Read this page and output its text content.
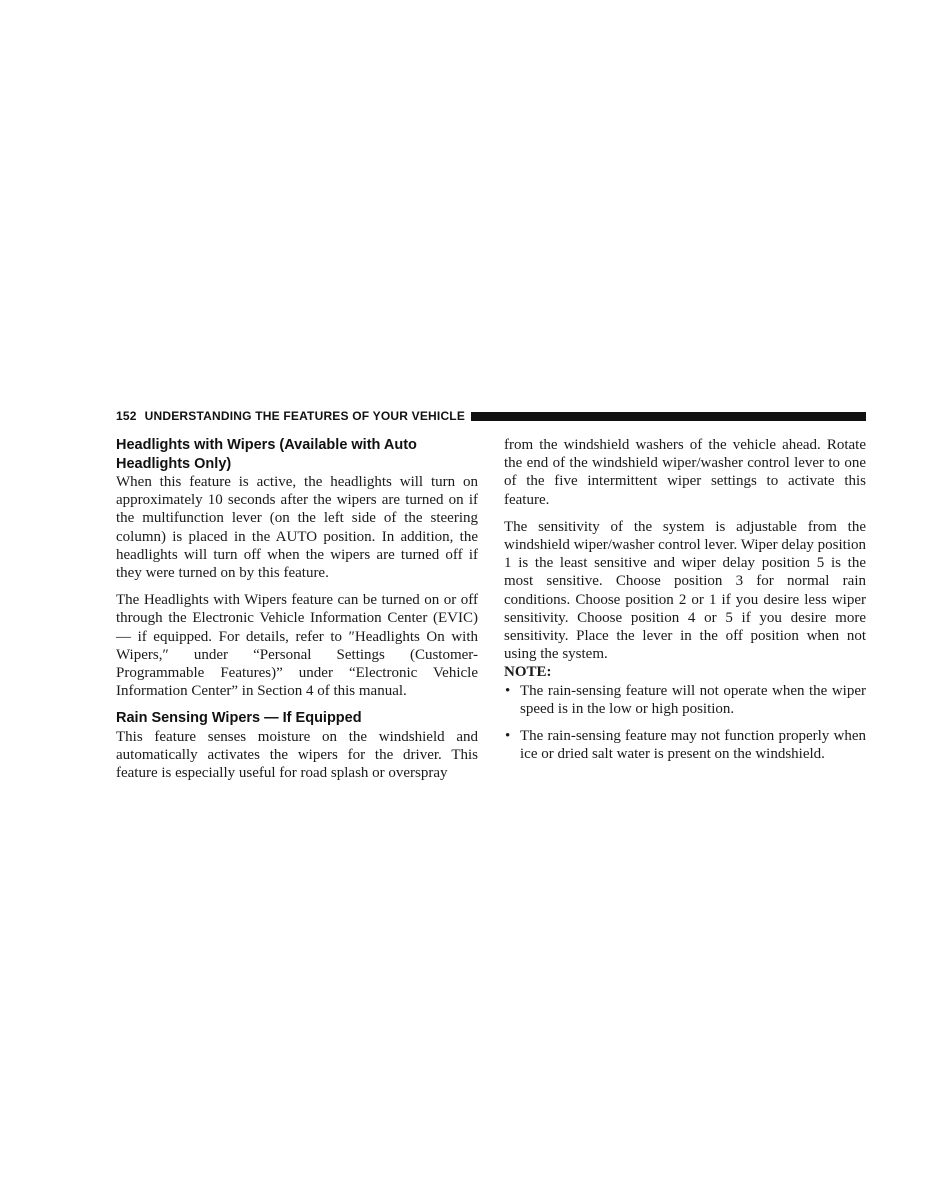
152 UNDERSTANDING THE FEATURES OF YOUR VEHICLE
Headlights with Wipers (Available with Auto Headlights Only)

When this feature is active, the headlights will turn on approximately 10 seconds after the wipers are turned on if the multifunction lever (on the left side of the steering column) is placed in the AUTO position. In addition, the headlights will turn off when the wipers are turned off if they were turned on by this feature.

The Headlights with Wipers feature can be turned on or off through the Electronic Vehicle Information Center (EVIC) — if equipped. For details, refer to ″Headlights On with Wipers,″ under “Personal Settings (Customer-Programmable Features)” under “Electronic Vehicle Information Center” in Section 4 of this manual.

Rain Sensing Wipers — If Equipped

This feature senses moisture on the windshield and automatically activates the wipers for the driver. This feature is especially useful for road splash or overspray

from the windshield washers of the vehicle ahead. Rotate the end of the windshield wiper/washer control lever to one of the five intermittent wiper settings to activate this feature.

The sensitivity of the system is adjustable from the windshield wiper/washer control lever. Wiper delay position 1 is the least sensitive and wiper delay position 5 is the most sensitive. Choose position 3 for normal rain conditions. Choose position 2 or 1 if you desire less wiper sensitivity. Choose position 4 or 5 if you desire more sensitivity. Place the lever in the off position when not using the system.

NOTE:

• The rain-sensing feature will not operate when the wiper speed is in the low or high position.

• The rain-sensing feature may not function properly when ice or dried salt water is present on the windshield.
